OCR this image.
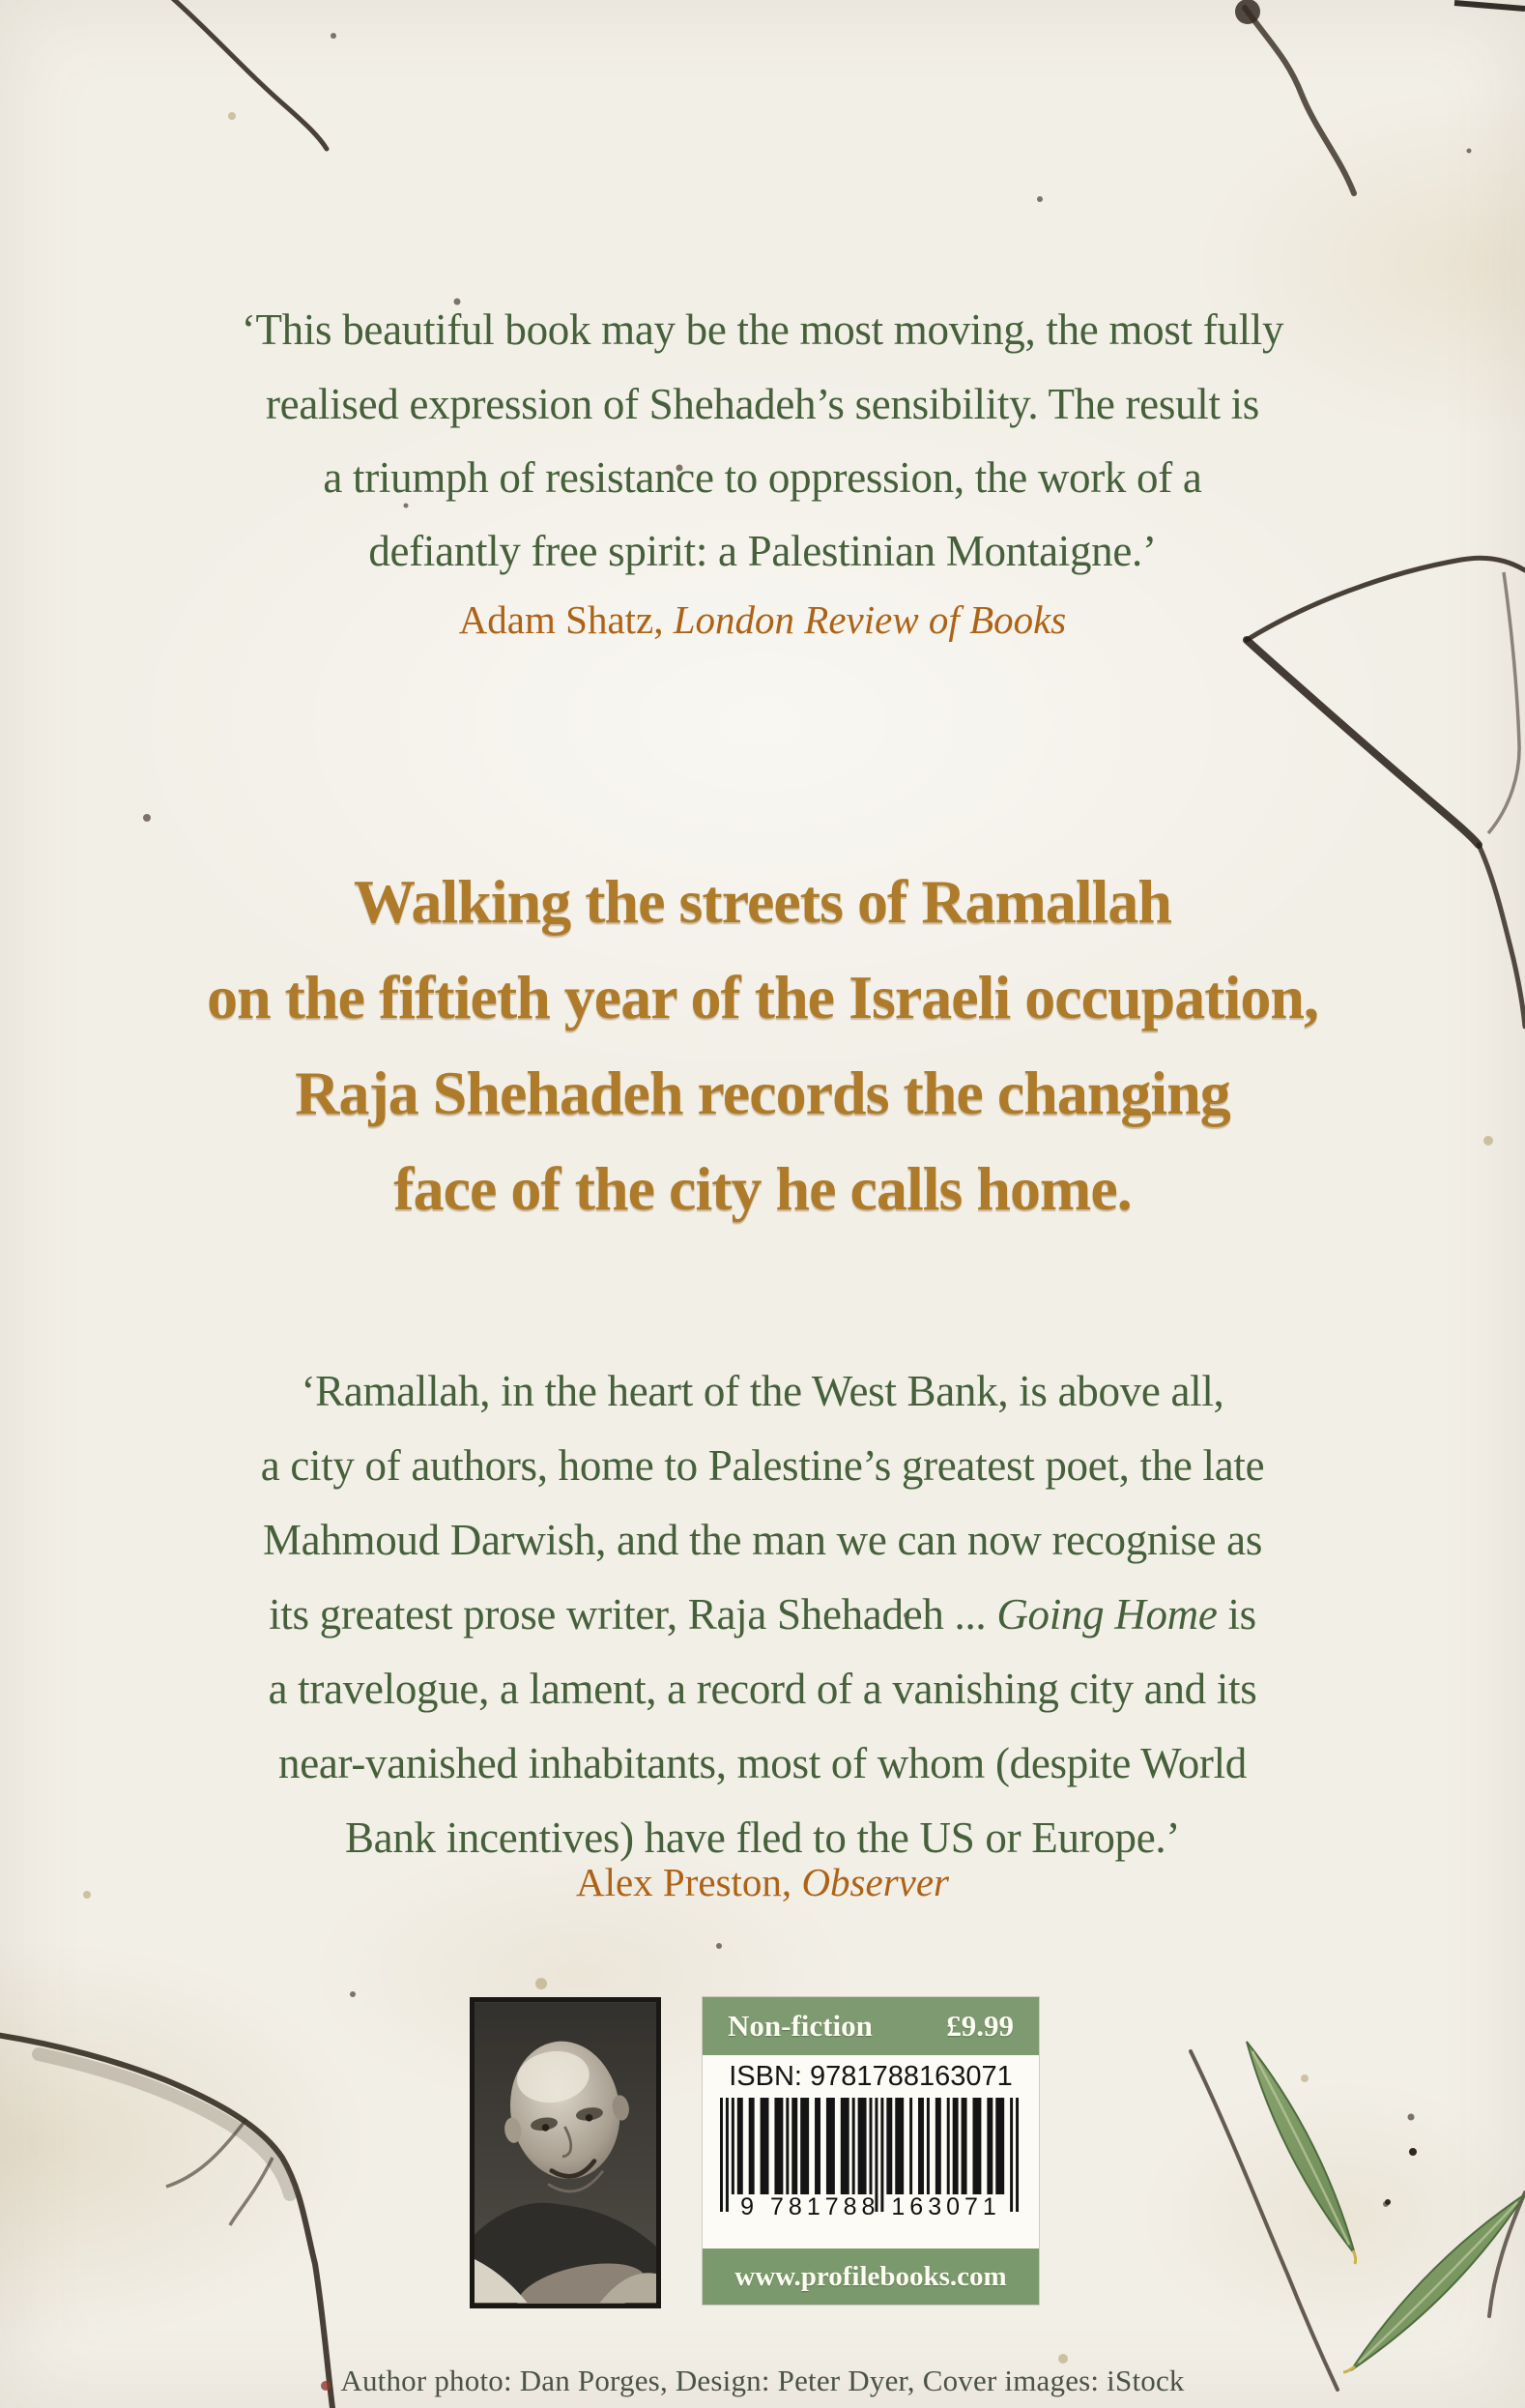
‘This beautiful book may be the most moving, the most fully

realised expression of Shehadeh’s sensibility. The result is

a triumph of resistance to oppression, the work of a

defiantly free spirit: a Palestinian Montaigne.’

Adam Shatz, London Review of Books

Walking the streets of Ramallah

on the fiftieth year of the Israeli occupation,

Raja Shehadeh records the changing

face of the city he calls home.

‘Ramallah, in the heart of the West Bank, is above all,

a city of authors, home to Palestine’s greatest poet, the late

Mahmoud Darwish, and the man we can now recognise as

its greatest prose writer, Raja Shehadeh ... Going Home is

a travelogue, a lament, a record of a vanishing city and its

near-vanished inhabitants, most of whom (despite World

Bank incentives) have fled to the US or Europe.’

Alex Preston, Observer

Non-fiction £9.99
ISBN: 9781788163071
9 781788 163071
www.profilebooks.com

Author photo: Dan Porges, Design: Peter Dyer, Cover images: iStock
